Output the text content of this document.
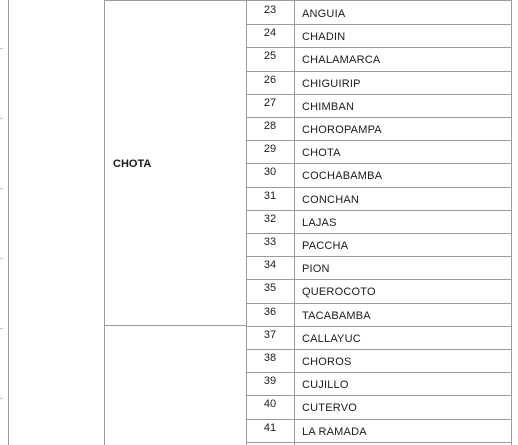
CHOTA
23	ANGUIA
24	CHADIN
25	CHALAMARCA
26	CHIGUIRIP
27	CHIMBAN
28	CHOROPAMPA
29	CHOTA
30	COCHABAMBA
31	CONCHAN
32	LAJAS
33	PACCHA
34	PION
35	QUEROCOTO
36	TACABAMBA
37	CALLAYUC
38	CHOROS
39	CUJILLO
40	CUTERVO
41	LA RAMADA
